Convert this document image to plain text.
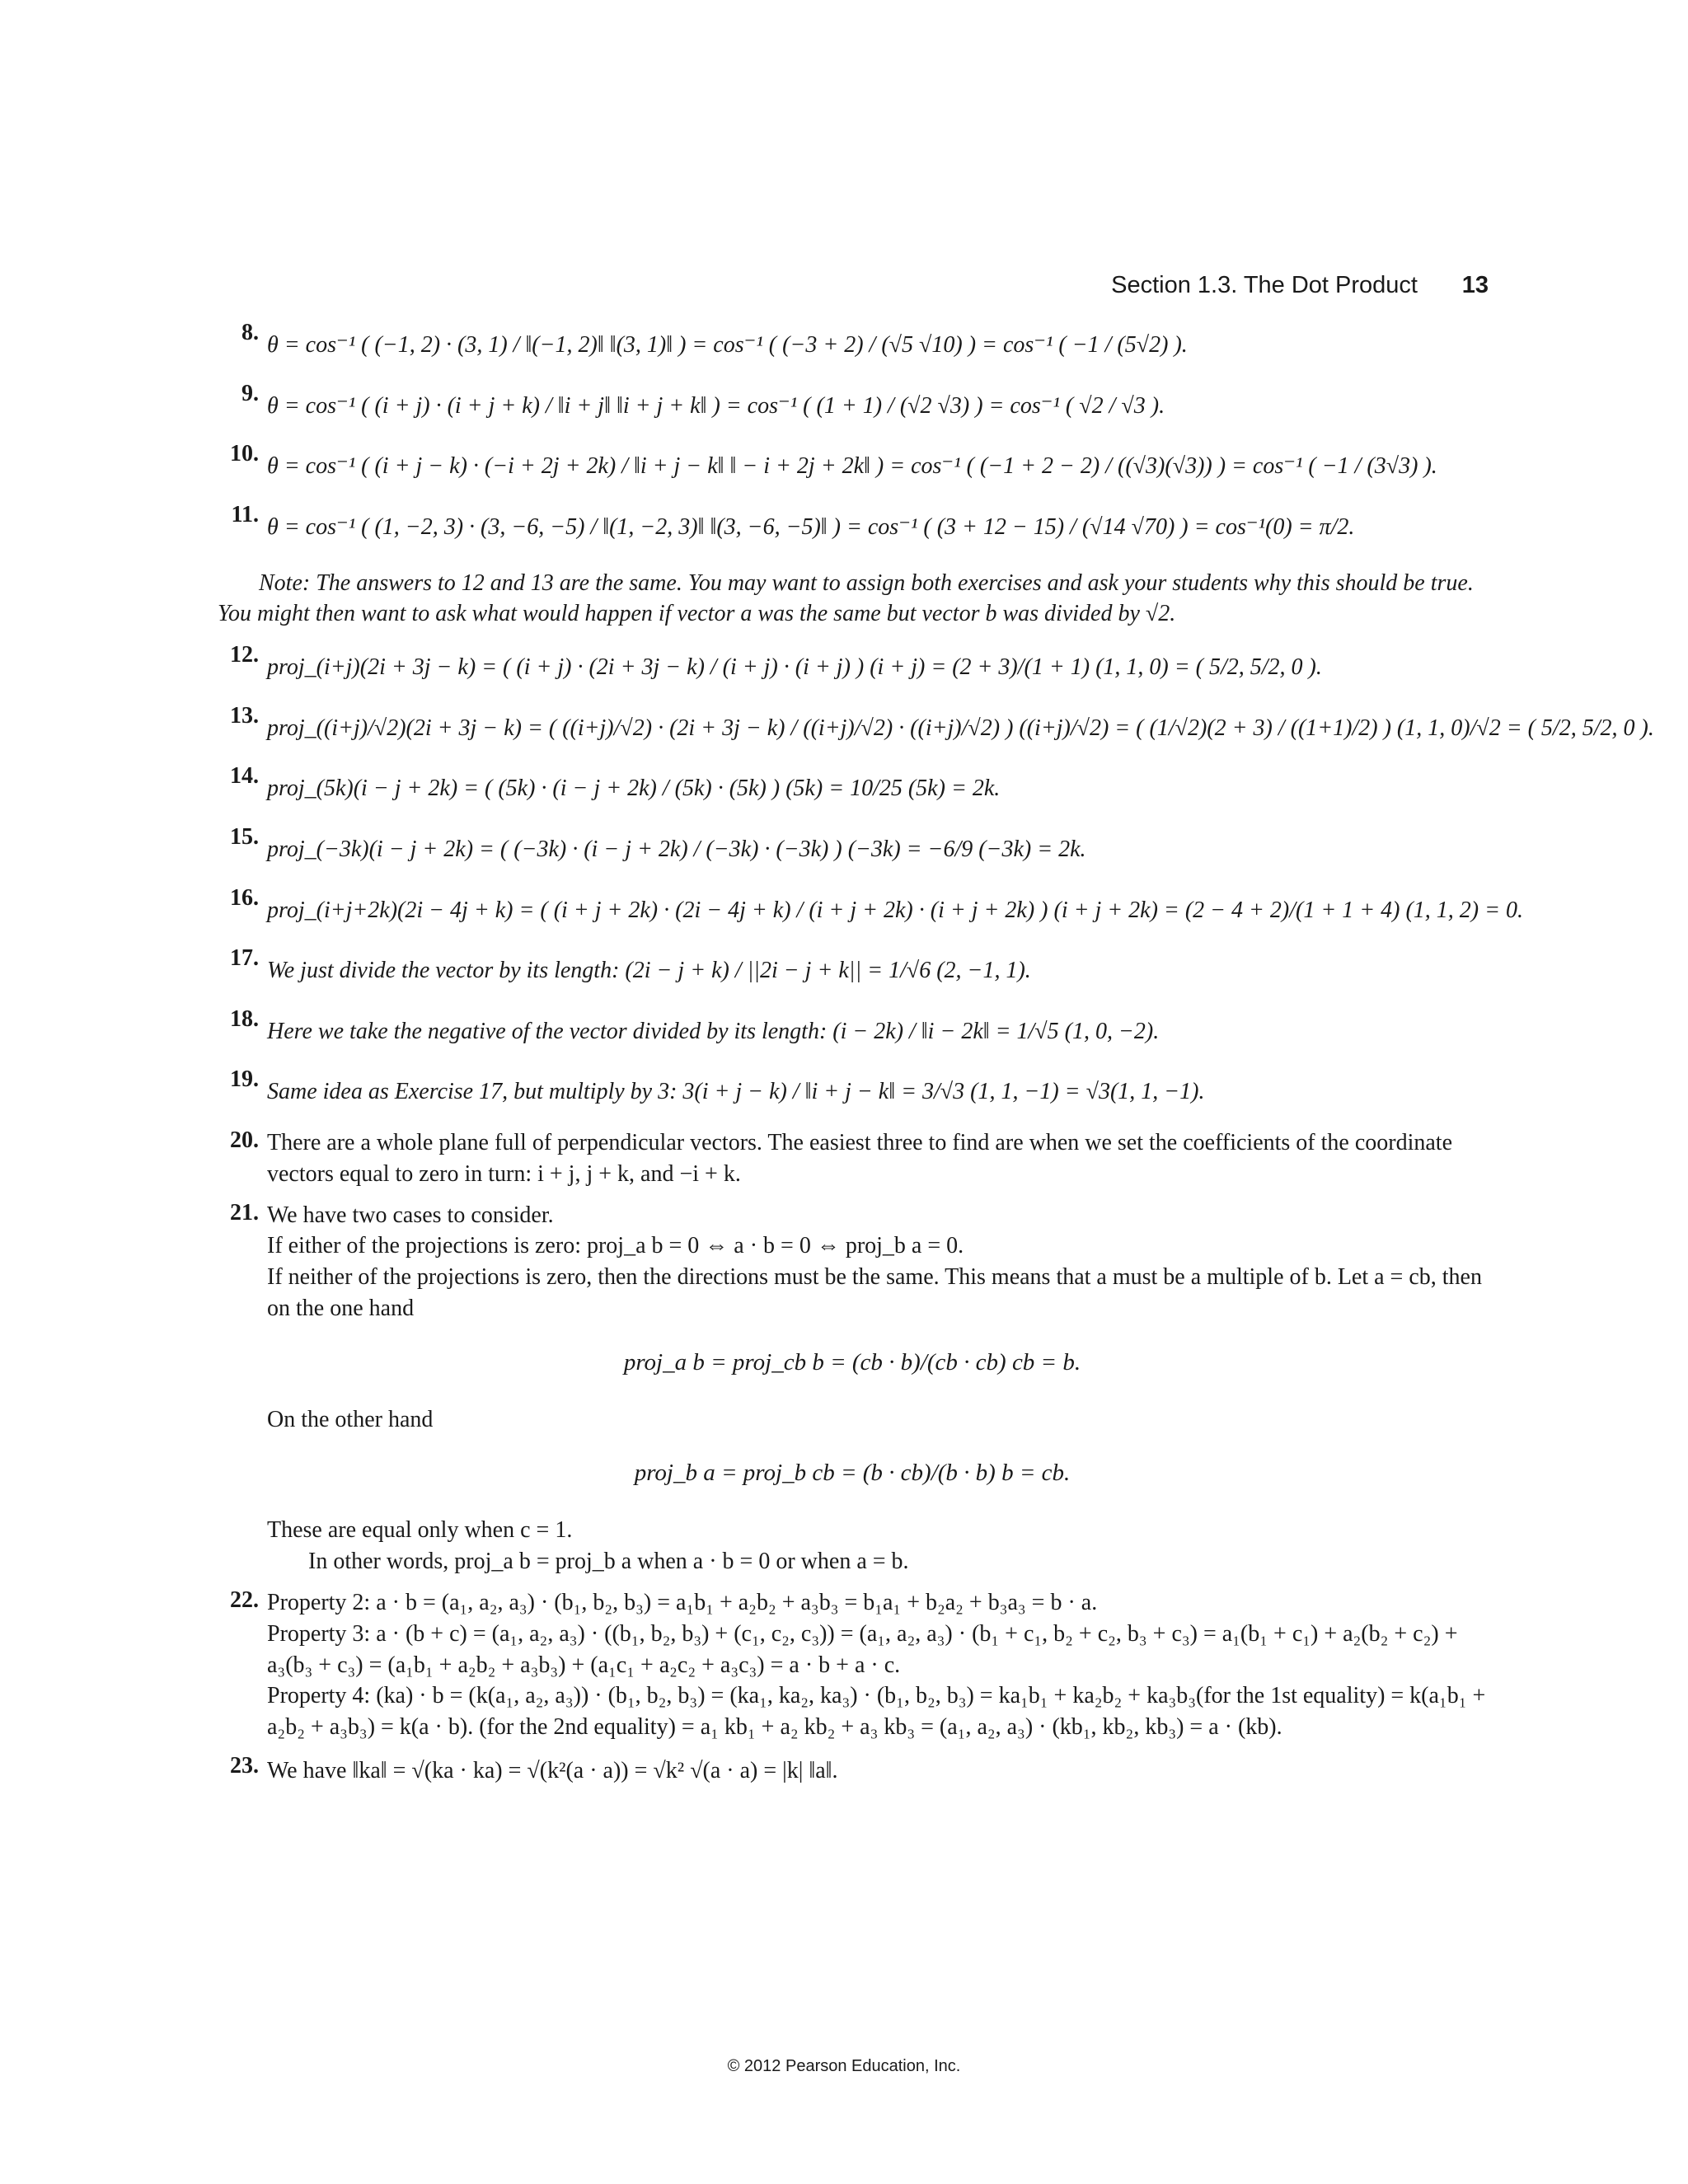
Section 1.3. The Dot Product 13
8. θ = cos⁻¹ ( (−1, 2) · (3, 1) / ‖(−1, 2)‖ ‖(3, 1)‖ ) = cos⁻¹ ( (−3 + 2) / (√5 √10) ) = cos⁻¹ ( −1 / (5√2) ).
9. θ = cos⁻¹ ( (i + j) · (i + j + k) / ‖i + j‖ ‖i + j + k‖ ) = cos⁻¹ ( (1 + 1) / (√2 √3) ) = cos⁻¹ ( √2 / √3 ).
10. θ = cos⁻¹ ( (i + j − k) · (−i + 2j + 2k) / ‖i + j − k‖ ‖ − i + 2j + 2k‖ ) = cos⁻¹ ( (−1 + 2 − 2) / ((√3)(√3)) ) = cos⁻¹ ( −1 / (3√3) ).
11. θ = cos⁻¹ ( (1, −2, 3) · (3, −6, −5) / ‖(1, −2, 3)‖ ‖(3, −6, −5)‖ ) = cos⁻¹ ( (3 + 12 − 15) / (√14 √70) ) = cos⁻¹(0) = π/2.
Note: The answers to 12 and 13 are the same. You may want to assign both exercises and ask your students why this should be true. You might then want to ask what would happen if vector a was the same but vector b was divided by √2.
12. proj_(i+j)(2i + 3j − k) = ( (i + j) · (2i + 3j − k) / (i + j) · (i + j) ) (i + j) = (2 + 3)/(1 + 1) (1, 1, 0) = ( 5/2, 5/2, 0 ).
13. proj_((i+j)/√2)(2i + 3j − k) = ( ((i+j)/√2) · (2i + 3j − k) / ((i+j)/√2) · ((i+j)/√2) ) ((i+j)/√2) = ( (1/√2)(2 + 3) / ((1+1)/2) ) (1, 1, 0)/√2 = ( 5/2, 5/2, 0 ).
14. proj_(5k)(i − j + 2k) = ( (5k) · (i − j + 2k) / (5k) · (5k) ) (5k) = 10/25 (5k) = 2k.
15. proj_(−3k)(i − j + 2k) = ( (−3k) · (i − j + 2k) / (−3k) · (−3k) ) (−3k) = −6/9 (−3k) = 2k.
16. proj_(i+j+2k)(2i − 4j + k) = ( (i + j + 2k) · (2i − 4j + k) / (i + j + 2k) · (i + j + 2k) ) (i + j + 2k) = (2 − 4 + 2)/(1 + 1 + 4) (1, 1, 2) = 0.
17. We just divide the vector by its length: (2i − j + k) / ||2i − j + k|| = 1/√6 (2, −1, 1).
18. Here we take the negative of the vector divided by its length: (i − 2k) / ‖i − 2k‖ = 1/√5 (1, 0, −2).
19. Same idea as Exercise 17, but multiply by 3: 3(i + j − k) / ‖i + j − k‖ = 3/√3 (1, 1, −1) = √3(1, 1, −1).
20. There are a whole plane full of perpendicular vectors. The easiest three to find are when we set the coefficients of the coordinate vectors equal to zero in turn: i + j, j + k, and −i + k.
21. We have two cases to consider.
If either of the projections is zero: proj_a b = 0 ⇔ a · b = 0 ⇔ proj_b a = 0.
If neither of the projections is zero, then the directions must be the same. This means that a must be a multiple of b. Let a = cb, then on the one hand
proj_a b = proj_cb b = (cb · b)/(cb · cb) cb = b.
On the other hand
proj_b a = proj_b cb = (b · cb)/(b · b) b = cb.
These are equal only when c = 1.
In other words, proj_a b = proj_b a when a · b = 0 or when a = b.
22. Property 2: a · b = (a₁, a₂, a₃) · (b₁, b₂, b₃) = a₁b₁ + a₂b₂ + a₃b₃ = b₁a₁ + b₂a₂ + b₃a₃ = b · a.
Property 3: a · (b + c) = (a₁, a₂, a₃) · ((b₁, b₂, b₃) + (c₁, c₂, c₃)) = (a₁, a₂, a₃) · (b₁ + c₁, b₂ + c₂, b₃ + c₃) = a₁(b₁ + c₁) + a₂(b₂ + c₂) + a₃(b₃ + c₃) = (a₁b₁ + a₂b₂ + a₃b₃) + (a₁c₁ + a₂c₂ + a₃c₃) = a · b + a · c.
Property 4: (ka) · b = (k(a₁, a₂, a₃)) · (b₁, b₂, b₃) = (ka₁, ka₂, ka₃) · (b₁, b₂, b₃) = ka₁b₁ + ka₂b₂ + ka₃b₃(for the 1st equality) = k(a₁b₁ + a₂b₂ + a₃b₃) = k(a · b). (for the 2nd equality) = a₁ kb₁ + a₂ kb₂ + a₃ kb₃ = (a₁, a₂, a₃) · (kb₁, kb₂, kb₃) = a · (kb).
23. We have ‖ka‖ = √(ka · ka) = √(k²(a · a)) = √k² √(a · a) = |k| ‖a‖.
© 2012 Pearson Education, Inc.
